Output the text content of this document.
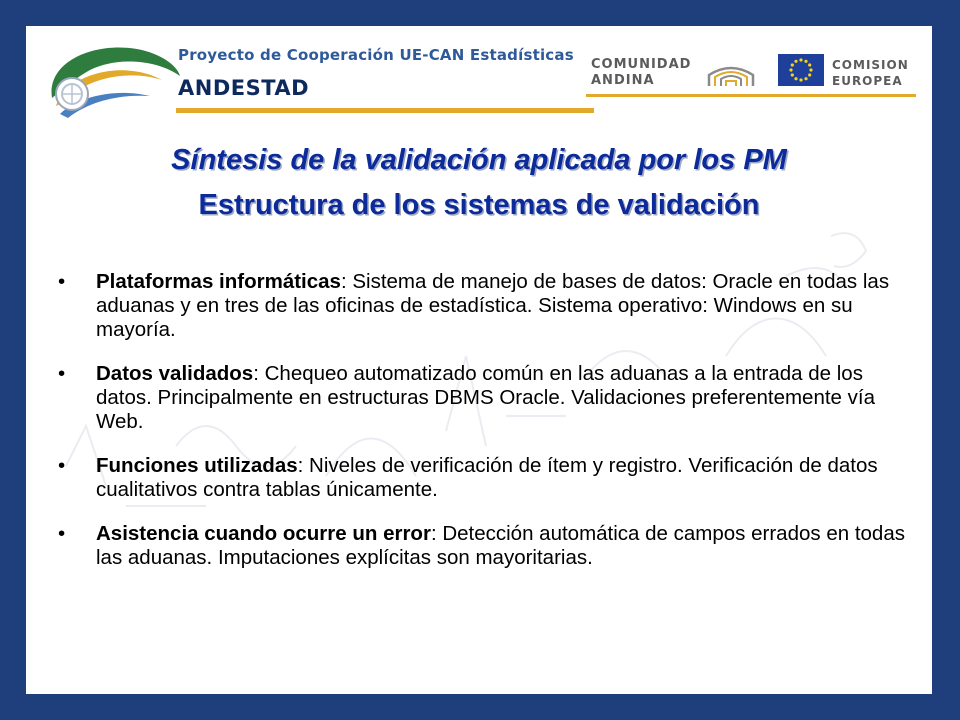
Proyecto de Cooperación UE-CAN Estadísticas

ANDESTAD

COMUNIDAD
ANDINA

COMISION
EUROPEA

Síntesis de la validación aplicada por los PM
Estructura de los sistemas de validación
• Plataformas informáticas: Sistema de manejo de bases de datos: Oracle en todas las aduanas y en tres de las oficinas de estadística. Sistema operativo: Windows en su mayoría.
• Datos validados: Chequeo automatizado común en las aduanas a la entrada de los datos. Principalmente en estructuras DBMS Oracle. Validaciones preferentemente vía Web.
• Funciones utilizadas: Niveles de verificación de ítem y registro. Verificación de datos cualitativos contra tablas únicamente.
• Asistencia cuando ocurre un error: Detección automática de campos errados en todas las aduanas. Imputaciones explícitas son mayoritarias.
